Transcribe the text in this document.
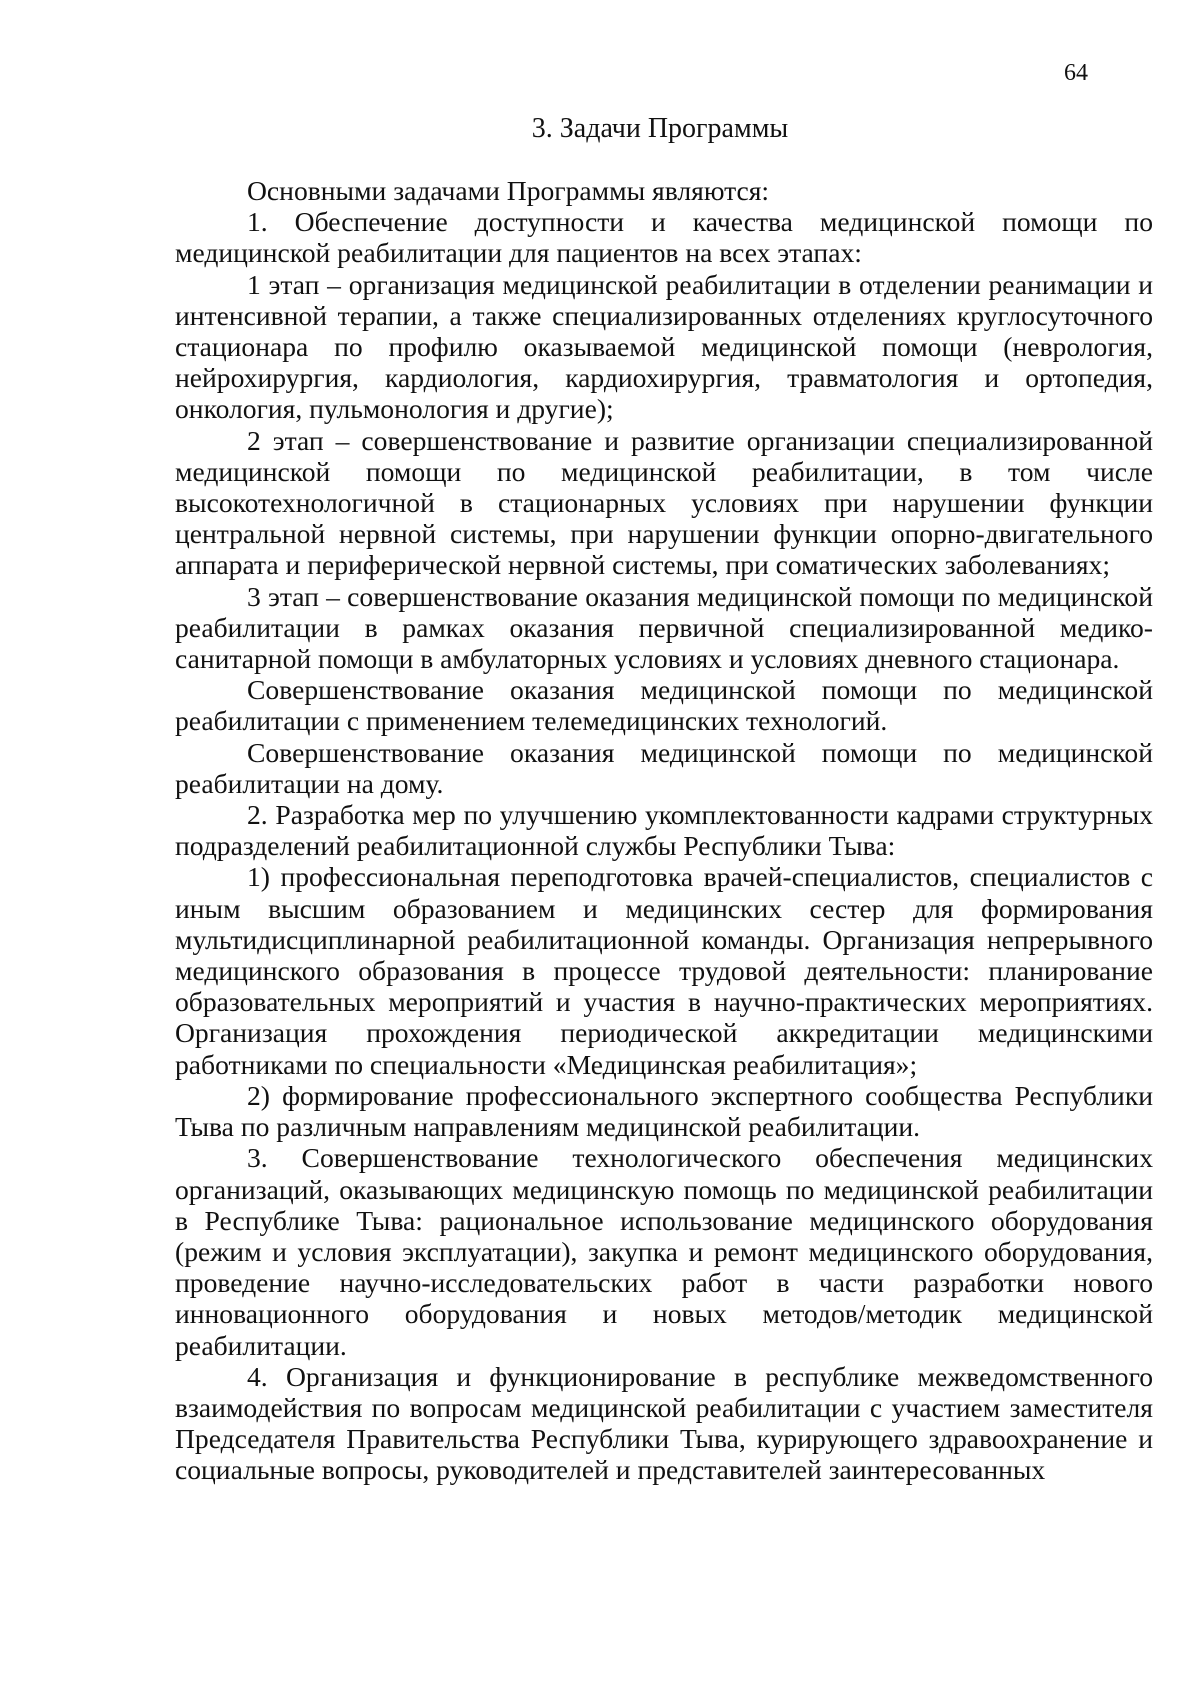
64
3. Задачи Программы

Основными задачами Программы являются:

1. Обеспечение доступности и качества медицинской помощи по медицинской реабилитации для пациентов на всех этапах:

1 этап – организация медицинской реабилитации в отделении реанимации и интенсивной терапии, а также специализированных отделениях круглосуточного стационара по профилю оказываемой медицинской помощи (неврология, нейрохирургия, кардиология, кардиохирургия, травматология и ортопедия, онкология, пульмонология и другие);

2 этап – совершенствование и развитие организации специализированной медицинской помощи по медицинской реабилитации, в том числе высокотехнологичной в стационарных условиях при нарушении функции центральной нервной системы, при нарушении функции опорно-двигательного аппарата и периферической нервной системы, при соматических заболеваниях;

3 этап – совершенствование оказания медицинской помощи по медицинской реабилитации в рамках оказания первичной специализированной медико-санитарной помощи в амбулаторных условиях и условиях дневного стационара.

Совершенствование оказания медицинской помощи по медицинской реабилитации с применением телемедицинских технологий.

Совершенствование оказания медицинской помощи по медицинской реабилитации на дому.

2. Разработка мер по улучшению укомплектованности кадрами структурных подразделений реабилитационной службы Республики Тыва:

1) профессиональная переподготовка врачей-специалистов, специалистов с иным высшим образованием и медицинских сестер для формирования мультидисциплинарной реабилитационной команды. Организация непрерывного медицинского образования в процессе трудовой деятельности: планирование образовательных мероприятий и участия в научно-практических мероприятиях. Организация прохождения периодической аккредитации медицинскими работниками по специальности «Медицинская реабилитация»;

2) формирование профессионального экспертного сообщества Республики Тыва по различным направлениям медицинской реабилитации.

3. Совершенствование технологического обеспечения медицинских организаций, оказывающих медицинскую помощь по медицинской реабилитации в Республике Тыва: рациональное использование медицинского оборудования (режим и условия эксплуатации), закупка и ремонт медицинского оборудования, проведение научно-исследовательских работ в части разработки нового инновационного оборудования и новых методов/методик медицинской реабилитации.

4. Организация и функционирование в республике межведомственного взаимодействия по вопросам медицинской реабилитации с участием заместителя Председателя Правительства Республики Тыва, курирующего здравоохранение и социальные вопросы, руководителей и представителей заинтересованных
